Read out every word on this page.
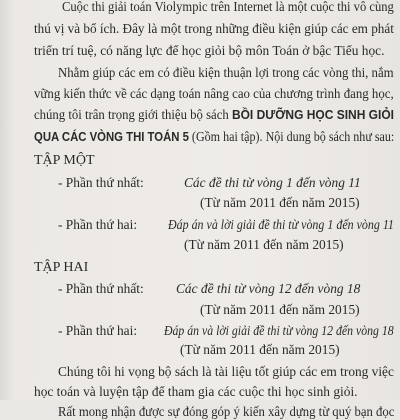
Cuộc thi giải toán Violympic trên Internet là một cuộc thi vô cùng
thú vị và bổ ích. Đây là một trong những điều kiện giúp các em phát
triển trí tuệ, có năng lực để học giỏi bộ môn Toán ở bậc Tiểu học.
Nhằm giúp các em có điều kiện thuận lợi trong các vòng thi, nắm
vững kiến thức về các dạng toán nâng cao của chương trình đang học,
chúng tôi trân trọng giới thiệu bộ sách BỒI DƯỠNG HỌC SINH GIỎI
QUA CÁC VÒNG THI TOÁN 5 (Gồm hai tập). Nội dung bộ sách như sau:
TẬP MỘT
- Phần thứ nhất:	Các đề thi từ vòng 1 đến vòng 11
(Từ năm 2011 đến năm 2015)
- Phần thứ hai: Đáp án và lời giải đề thi từ vòng 1 đến vòng 11
(Từ năm 2011 đến năm 2015)
TẬP HAI
- Phần thứ nhất: Các đề thi từ vòng 12 đến vòng 18
(Từ năm 2011 đến năm 2015)
- Phần thứ hai: Đáp án và lời giải đề thi từ vòng 12 đến vòng 18
(Từ năm 2011 đến năm 2015)
Chúng tôi hi vọng bộ sách là tài liệu tốt giúp các em trong việc
học toán và luyện tập để tham gia các cuộc thi học sinh giỏi.
Rất mong nhận được sự đóng góp ý kiến xây dựng từ quý bạn đọc
